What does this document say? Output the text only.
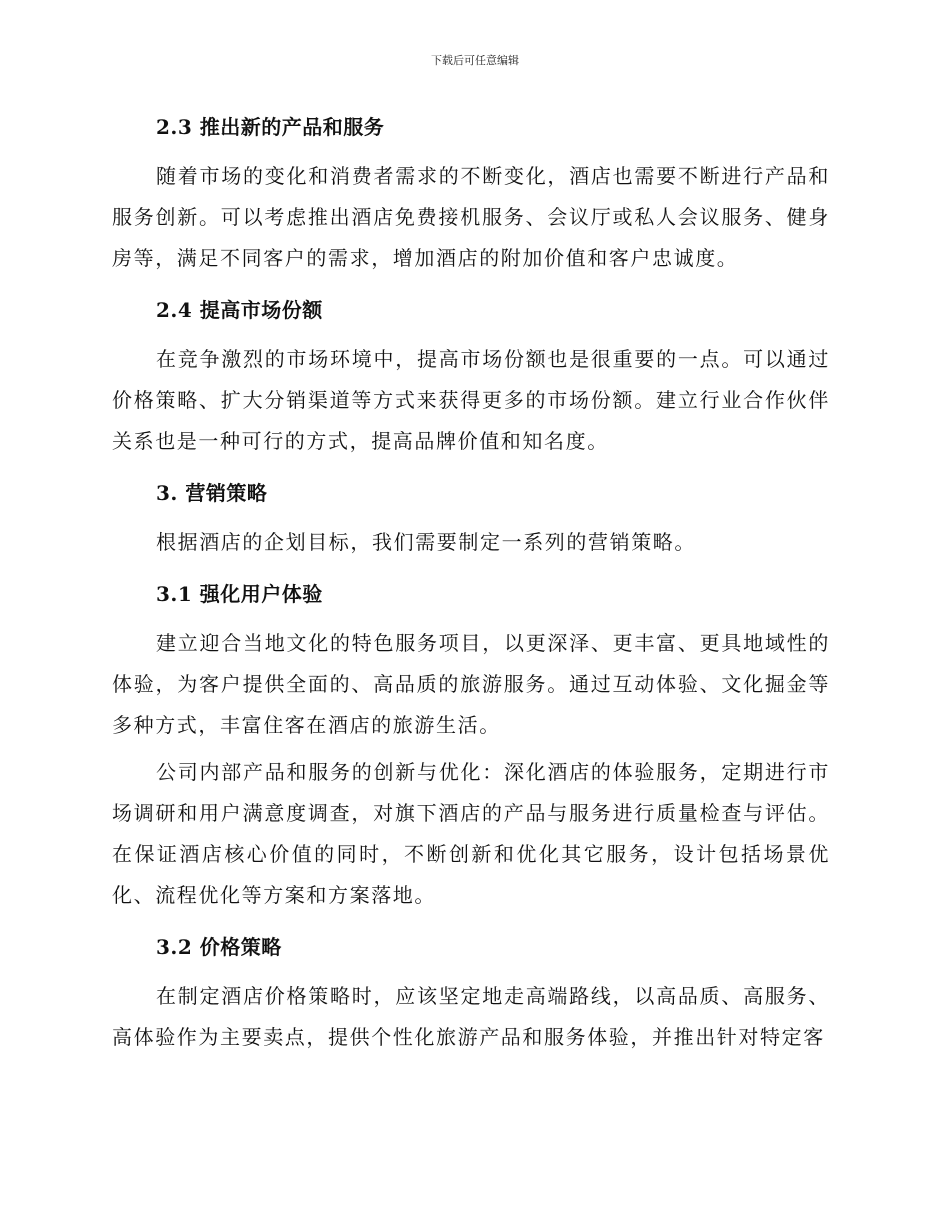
下载后可任意编辑
2.3 推出新的产品和服务

随着市场的变化和消费者需求的不断变化，酒店也需要不断进行产品和服务创新。可以考虑推出酒店免费接机服务、会议厅或私人会议服务、健身房等，满足不同客户的需求，增加酒店的附加价值和客户忠诚度。

2.4 提高市场份额

在竞争激烈的市场环境中，提高市场份额也是很重要的一点。可以通过价格策略、扩大分销渠道等方式来获得更多的市场份额。建立行业合作伙伴关系也是一种可行的方式，提高品牌价值和知名度。

3. 营销策略

根据酒店的企划目标，我们需要制定一系列的营销策略。

3.1 强化用户体验

建立迎合当地文化的特色服务项目，以更深泽、更丰富、更具地域性的体验，为客户提供全面的、高品质的旅游服务。通过互动体验、文化掘金等多种方式，丰富住客在酒店的旅游生活。

公司内部产品和服务的创新与优化：深化酒店的体验服务，定期进行市场调研和用户满意度调查，对旗下酒店的产品与服务进行质量检查与评估。在保证酒店核心价值的同时，不断创新和优化其它服务，设计包括场景优化、流程优化等方案和方案落地。

3.2 价格策略

在制定酒店价格策略时，应该坚定地走高端路线，以高品质、高服务、高体验作为主要卖点，提供个性化旅游产品和服务体验，并推出针对特定客
